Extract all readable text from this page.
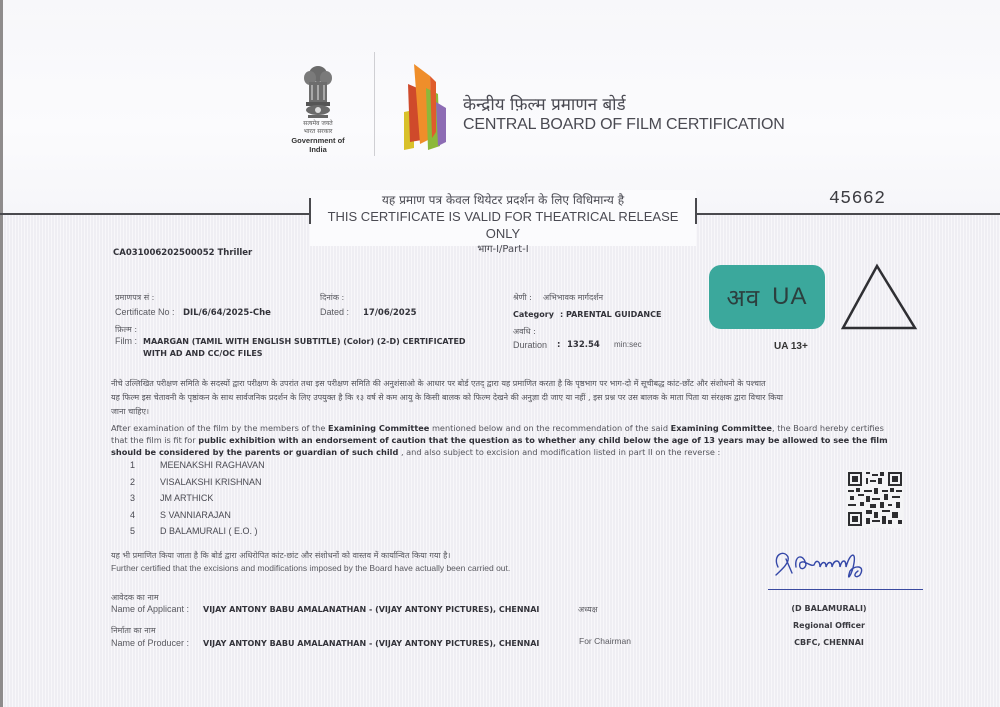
सत्यमेव जयते
भारत सरकार
Government of India
केन्द्रीय फ़िल्म प्रमाणन बोर्ड
CENTRAL BOARD OF FILM CERTIFICATION
यह प्रमाण पत्र केवल थियेटर प्रदर्शन के लिए विधिमान्य है
THIS CERTIFICATE IS VALID FOR THEATRICAL RELEASE ONLY
भाग-I/Part-I
45662
CA031006202500052 Thriller
प्रमाणपत्र सं :
Certificate No : DIL/6/64/2025-Che
दिनांक :
Dated : 17/06/2025
श्रेणी : अभिभावक मार्गदर्शन
Category : PARENTAL GUIDANCE
फ़िल्म :
Film : MAARGAN (TAMIL WITH ENGLISH SUBTITLE) (Color) (2-D) CERTIFICATED
WITH AD AND CC/OC FILES
अवधि :
Duration : 132.54 min:sec
अव UA
UA 13+
नीचे उल्लिखित परीक्षण समिति के सदस्यों द्वारा परीक्षण के उपरांत तथा इस परीक्षण समिति की अनुशंसाओ के आधार पर बोर्ड एतद् द्वारा यह प्रमाणित करता है कि पृष्ठभाग पर भाग-दो में सूचीबद्ध कांट-छाँट और संशोधनो के पश्चात
यह फिल्म इस चेतावनी के पृष्ठांकन के साथ सार्वजनिक प्रदर्शन के लिए उपयुक्त है कि १३ वर्ष से कम आयु के किसी बालक को फिल्म देखने की अनुज्ञा दी जाए या नहीं , इस प्रश्न पर उस बालक के माता पिता या संरक्षक द्वारा विचार किया
जाना चाहिए।
After examination of the film by the members of the Examining Committee mentioned below and on the recommendation of the said Examining Committee, the Board hereby certifies that the film is fit for public exhibition with an endorsement of caution that the question as to whether any child below the age of 13 years may be allowed to see the film should be considered by the parents or guardian of such child , and also subject to excision and modification listed in part II on the reverse :
1	MEENAKSHI RAGHAVAN
2	VISALAKSHI KRISHNAN
3	JM ARTHICK
4	S VANNIARAJAN
5	D BALAMURALI ( E.O. )
यह भी प्रमाणित किया जाता है कि बोर्ड द्वारा अधिरोपित कांट-छांट और संशोधनों को वास्तव में कार्यान्वित किया गया है।
Further certified that the excisions and modifications imposed by the Board have actually been carried out.
आवेदक का नाम
Name of Applicant : VIJAY ANTONY BABU AMALANATHAN - (VIJAY ANTONY PICTURES), CHENNAI	अध्यक्ष
निर्माता का नाम
Name of Producer : VIJAY ANTONY BABU AMALANATHAN - (VIJAY ANTONY PICTURES), CHENNAI	For Chairman
(D BALAMURALI)
Regional Officer
CBFC, CHENNAI
